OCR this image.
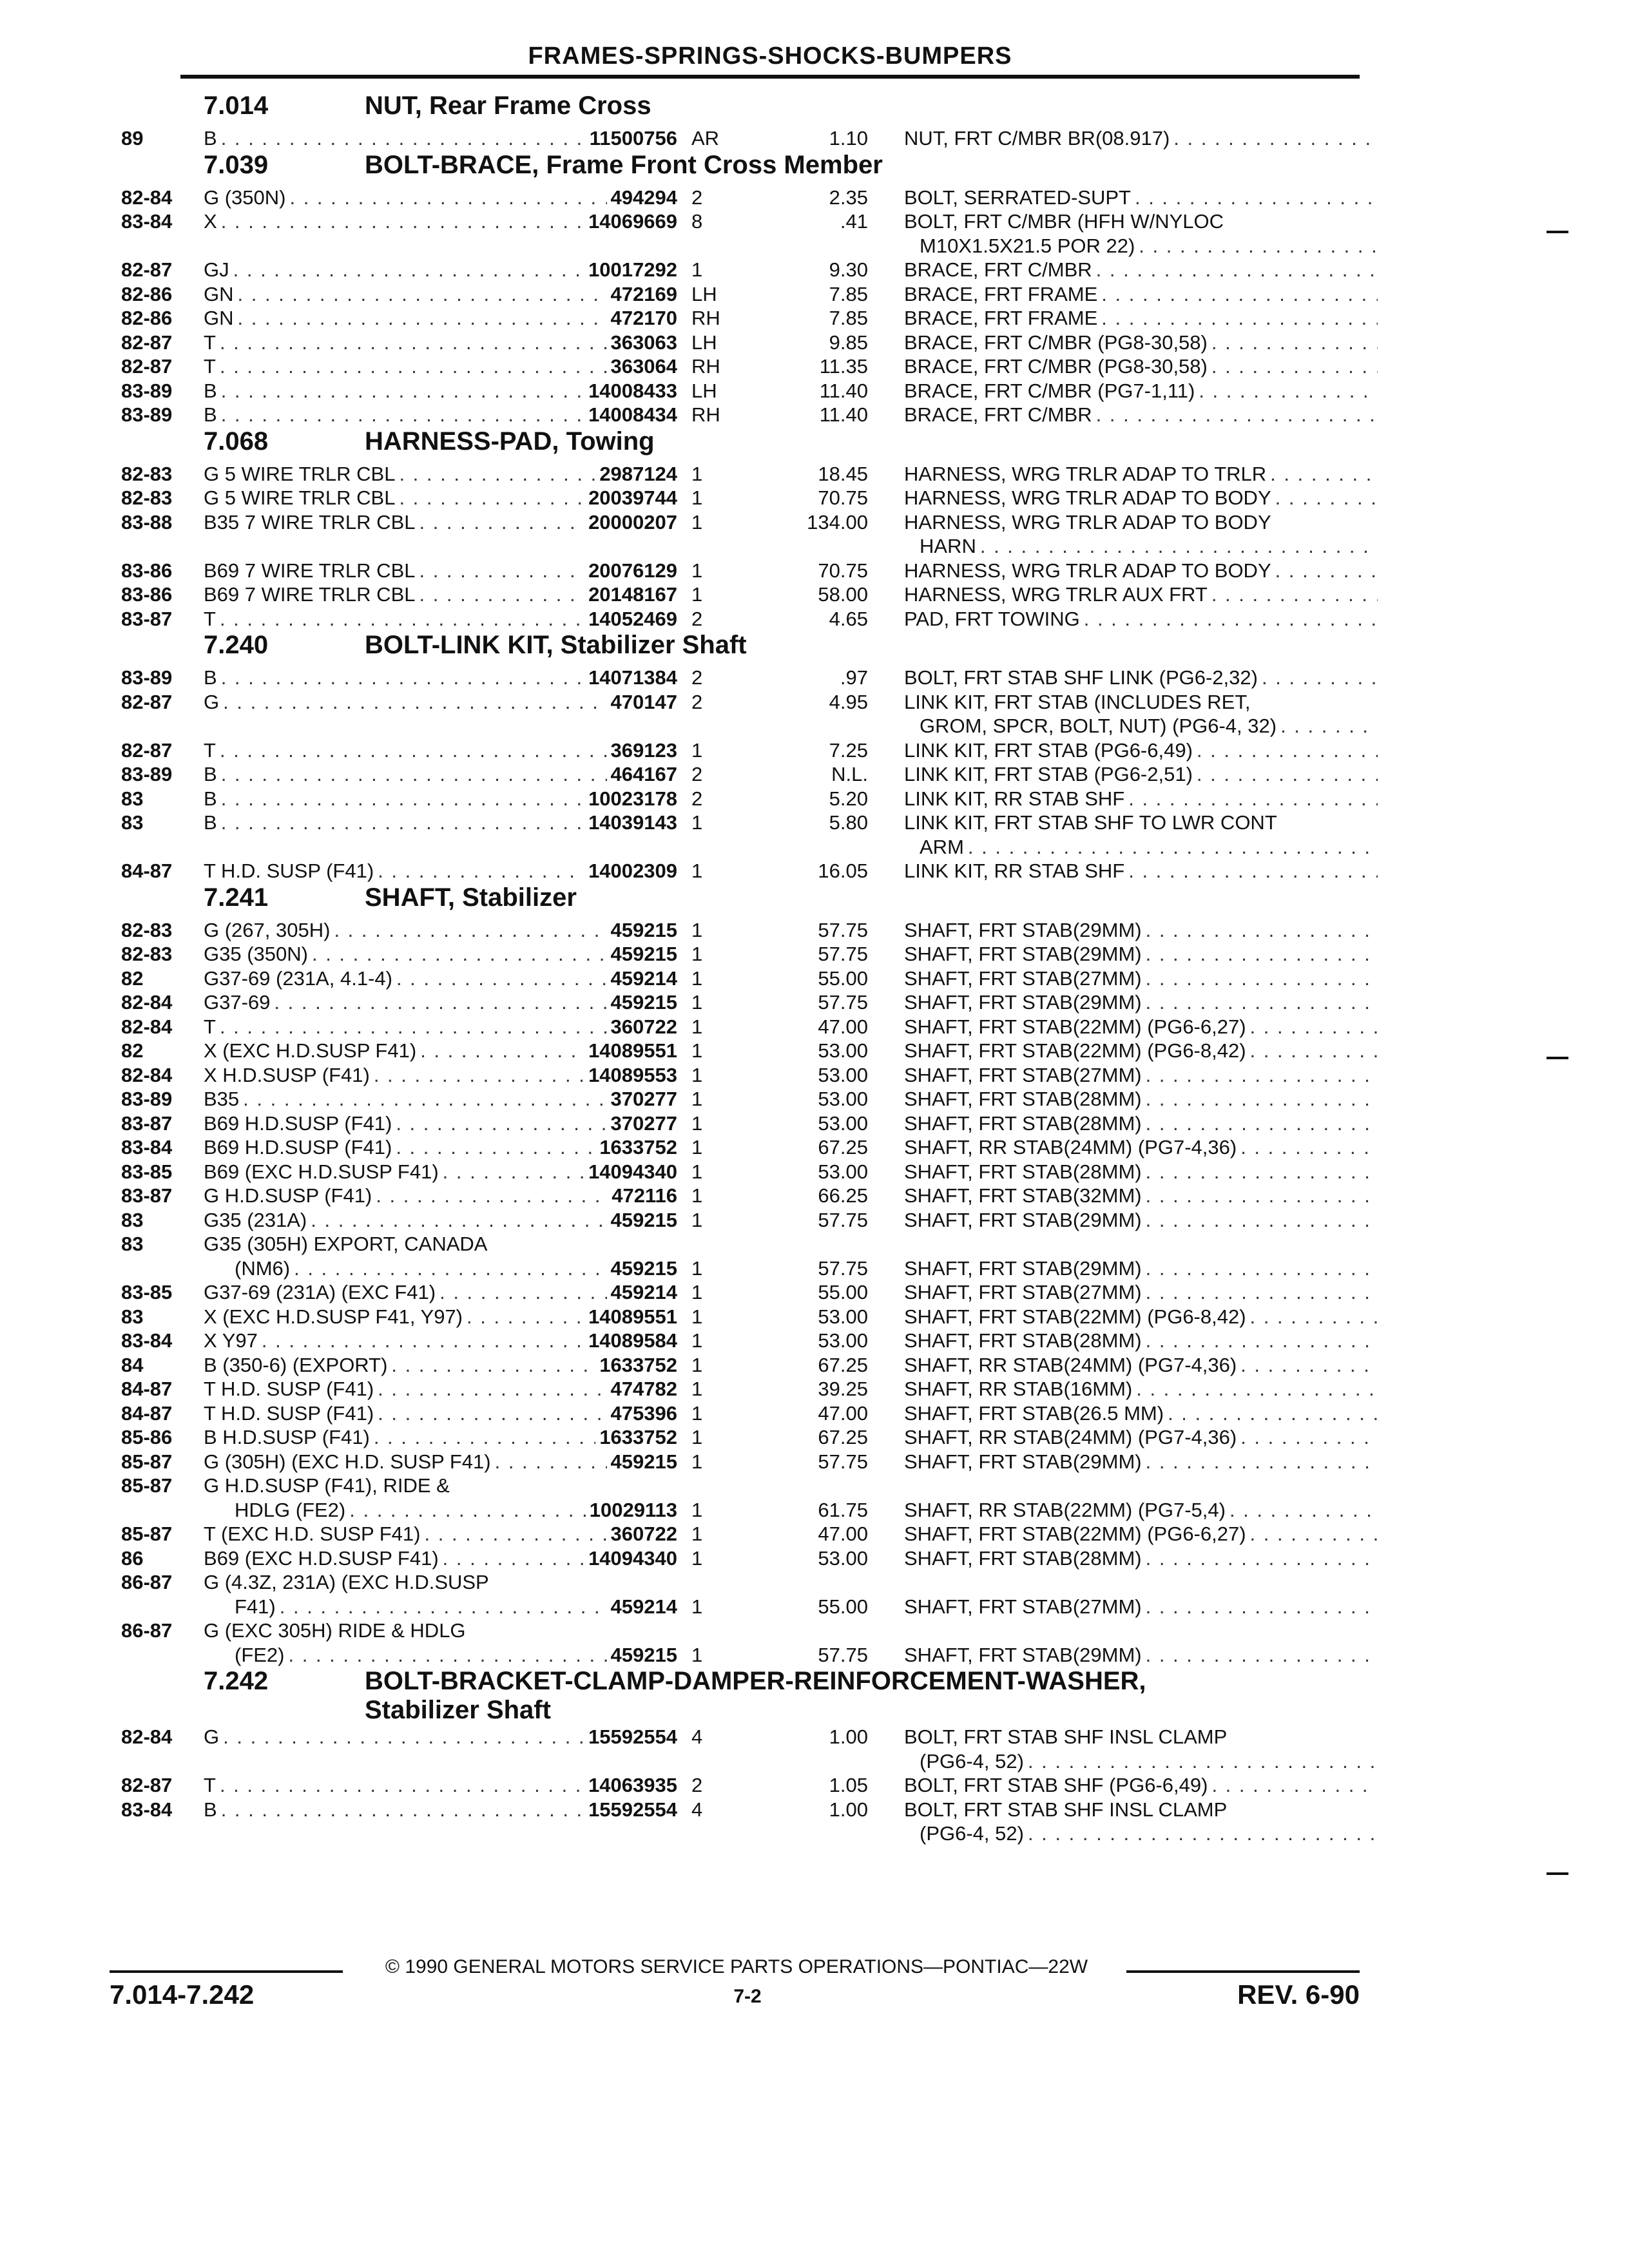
FRAMES-SPRINGS-SHOCKS-BUMPERS
7.014	NUT, Rear Frame Cross
89	B . . .	11500756 AR	1.10 NUT, FRT C/MBR BR(08.917)
. . .
7.039	BOLT-BRACE, Frame Front Cross Member
82-84	G (350N) . . .	494294 2	2.35 BOLT, SERRATED-SUPT
. . .
83-84	X . . .	14069669 8	.41 BOLT, FRT C/MBR (HFH W/NYLOC
M10X1.5X21.5 POR 22)
. . .
82-87	GJ . . .	10017292 1	9.30 BRACE, FRT C/MBR
. . .
82-86	GN . . .	472169 LH	7.85 BRACE, FRT FRAME
. . .
82-86	GN . . .	472170 RH	7.85 BRACE, FRT FRAME
. . .
82-87	T . . .	363063 LH	9.85 BRACE, FRT C/MBR (PG8-30,58)
. . .
82-87	T . . .	363064 RH	11.35 BRACE, FRT C/MBR (PG8-30,58)
. . .
83-89	B . . .	14008433 LH	11.40 BRACE, FRT C/MBR (PG7-1,11)
. . .
83-89	B . . .	14008434 RH	11.40 BRACE, FRT C/MBR
. . .
7.068	HARNESS-PAD, Towing
82-83	G 5 WIRE TRLR CBL . . .	2987124 1	18.45 HARNESS, WRG TRLR ADAP TO TRLR
. . .
82-83	G 5 WIRE TRLR CBL . . .	20039744 1	70.75 HARNESS, WRG TRLR ADAP TO BODY
. . .
83-88	B35 7 WIRE TRLR CBL . . .	20000207 1	134.00 HARNESS, WRG TRLR ADAP TO BODY
HARN
. . .
83-86	B69 7 WIRE TRLR CBL . . .	20076129 1	70.75 HARNESS, WRG TRLR ADAP TO BODY
. . .
83-86	B69 7 WIRE TRLR CBL . . .	20148167 1	58.00 HARNESS, WRG TRLR AUX FRT
. . .
83-87	T . . .	14052469 2	4.65 PAD, FRT TOWING
. . .
7.240	BOLT-LINK KIT, Stabilizer Shaft
83-89	B . . .	14071384 2	.97 BOLT, FRT STAB SHF LINK (PG6-2,32)
. . .
82-87	G . . .	470147 2	4.95 LINK KIT, FRT STAB (INCLUDES RET,
GROM, SPCR, BOLT, NUT) (PG6-4, 32)
. . .
82-87	T . . .	369123 1	7.25 LINK KIT, FRT STAB (PG6-6,49)
. . .
83-89	B . . .	464167 2	N.L. LINK KIT, FRT STAB (PG6-2,51)
. . .
83	B . . .	10023178 2	5.20 LINK KIT, RR STAB SHF
. . .
83	B . . .	14039143 1	5.80 LINK KIT, FRT STAB SHF TO LWR CONT
ARM
. . .
84-87	T H.D. SUSP (F41) . . .	14002309 1	16.05 LINK KIT, RR STAB SHF
. . .
7.241	SHAFT, Stabilizer
82-83	G (267, 305H) . . .	459215 1	57.75 SHAFT, FRT STAB(29MM)
. . .
82-83	G35 (350N) . . .	459215 1	57.75 SHAFT, FRT STAB(29MM)
. . .
82	G37-69 (231A, 4.1-4) . . .	459214 1	55.00 SHAFT, FRT STAB(27MM)
. . .
82-84	G37-69 . . .	459215 1	57.75 SHAFT, FRT STAB(29MM)
. . .
82-84	T . . .	360722 1	47.00 SHAFT, FRT STAB(22MM) (PG6-6,27)
. . .
82	X (EXC H.D.SUSP F41) . . .	14089551 1	53.00 SHAFT, FRT STAB(22MM) (PG6-8,42)
. . .
82-84	X H.D.SUSP (F41) . . .	14089553 1	53.00 SHAFT, FRT STAB(27MM)
. . .
83-89	B35 . . .	370277 1	53.00 SHAFT, FRT STAB(28MM)
. . .
83-87	B69 H.D.SUSP (F41) . . .	370277 1	53.00 SHAFT, FRT STAB(28MM)
. . .
83-84	B69 H.D.SUSP (F41) . . .	1633752 1	67.25 SHAFT, RR STAB(24MM) (PG7-4,36)
. . .
83-85	B69 (EXC H.D.SUSP F41) . . .	14094340 1	53.00 SHAFT, FRT STAB(28MM)
. . .
83-87	G H.D.SUSP (F41) . . .	472116 1	66.25 SHAFT, FRT STAB(32MM)
. . .
83	G35 (231A) . . .	459215 1	57.75 SHAFT, FRT STAB(29MM)
. . .
83	G35 (305H) EXPORT, CANADA
(NM6) . . .	459215 1	57.75 SHAFT, FRT STAB(29MM)
. . .
83-85	G37-69 (231A) (EXC F41) . . .	459214 1	55.00 SHAFT, FRT STAB(27MM)
. . .
83	X (EXC H.D.SUSP F41, Y97) . . .	14089551 1	53.00 SHAFT, FRT STAB(22MM) (PG6-8,42)
. . .
83-84	X Y97 . . .	14089584 1	53.00 SHAFT, FRT STAB(28MM)
. . .
84	B (350-6) (EXPORT) . . .	1633752 1	67.25 SHAFT, RR STAB(24MM) (PG7-4,36)
. . .
84-87	T H.D. SUSP (F41) . . .	474782 1	39.25 SHAFT, RR STAB(16MM)
. . .
84-87	T H.D. SUSP (F41) . . .	475396 1	47.00 SHAFT, FRT STAB(26.5 MM)
. . .
85-86	B H.D.SUSP (F41) . . .	1633752 1	67.25 SHAFT, RR STAB(24MM) (PG7-4,36)
. . .
85-87	G (305H) (EXC H.D. SUSP F41) . . .	459215 1	57.75 SHAFT, FRT STAB(29MM)
. . .
85-87	G H.D.SUSP (F41), RIDE &
HDLG (FE2) . . .	10029113 1	61.75 SHAFT, RR STAB(22MM) (PG7-5,4)
. . .
85-87	T (EXC H.D. SUSP F41) . . .	360722 1	47.00 SHAFT, FRT STAB(22MM) (PG6-6,27)
. . .
86	B69 (EXC H.D.SUSP F41) . . .	14094340 1	53.00 SHAFT, FRT STAB(28MM)
. . .
86-87	G (4.3Z, 231A) (EXC H.D.SUSP
F41) . . .	459214 1	55.00 SHAFT, FRT STAB(27MM)
. . .
86-87	G (EXC 305H) RIDE & HDLG
(FE2) . . .	459215 1	57.75 SHAFT, FRT STAB(29MM)
. . .
7.242	BOLT-BRACKET-CLAMP-DAMPER-REINFORCEMENT-WASHER,
Stabilizer Shaft
82-84	G . . .	15592554 4	1.00 BOLT, FRT STAB SHF INSL CLAMP
(PG6-4, 52)
. . .
82-87	T . . .	14063935 2	1.05 BOLT, FRT STAB SHF (PG6-6,49)
. . .
83-84	B . . .	15592554 4	1.00 BOLT, FRT STAB SHF INSL CLAMP
(PG6-4, 52)
. . .
© 1990 GENERAL MOTORS SERVICE PARTS OPERATIONS—PONTIAC—22W
7.014-7.242	7-2	REV. 6-90
